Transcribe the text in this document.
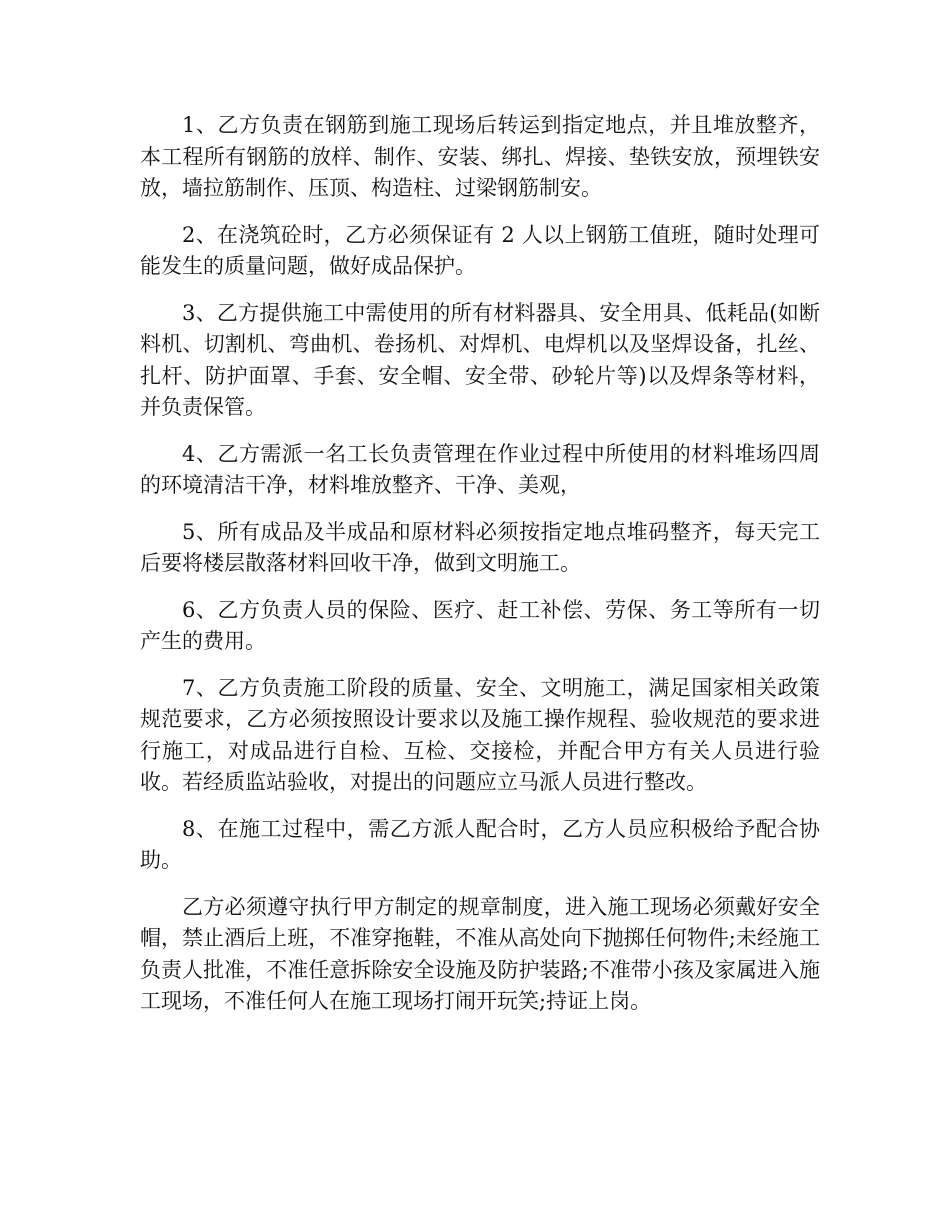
1、乙方负责在钢筋到施工现场后转运到指定地点，并且堆放整齐，本工程所有钢筋的放样、制作、安装、绑扎、焊接、垫铁安放，预埋铁安放，墙拉筋制作、压顶、构造柱、过梁钢筋制安。

2、在浇筑砼时，乙方必须保证有 2 人以上钢筋工值班，随时处理可能发生的质量问题，做好成品保护。

3、乙方提供施工中需使用的所有材料器具、安全用具、低耗品(如断料机、切割机、弯曲机、卷扬机、对焊机、电焊机以及坚焊设备，扎丝、扎杆、防护面罩、手套、安全帽、安全带、砂轮片等)以及焊条等材料，并负责保管。

4、乙方需派一名工长负责管理在作业过程中所使用的材料堆场四周的环境清洁干净，材料堆放整齐、干净、美观，

5、所有成品及半成品和原材料必须按指定地点堆码整齐，每天完工后要将楼层散落材料回收干净，做到文明施工。

6、乙方负责人员的保险、医疗、赶工补偿、劳保、务工等所有一切产生的费用。

7、乙方负责施工阶段的质量、安全、文明施工，满足国家相关政策规范要求，乙方必须按照设计要求以及施工操作规程、验收规范的要求进行施工，对成品进行自检、互检、交接检，并配合甲方有关人员进行验收。若经质监站验收，对提出的问题应立马派人员进行整改。

8、在施工过程中，需乙方派人配合时，乙方人员应积极给予配合协助。

乙方必须遵守执行甲方制定的规章制度，进入施工现场必须戴好安全帽，禁止酒后上班，不准穿拖鞋，不准从高处向下抛掷任何物件;未经施工负责人批准，不准任意拆除安全设施及防护装路;不准带小孩及家属进入施工现场，不准任何人在施工现场打闹开玩笑;持证上岗。
